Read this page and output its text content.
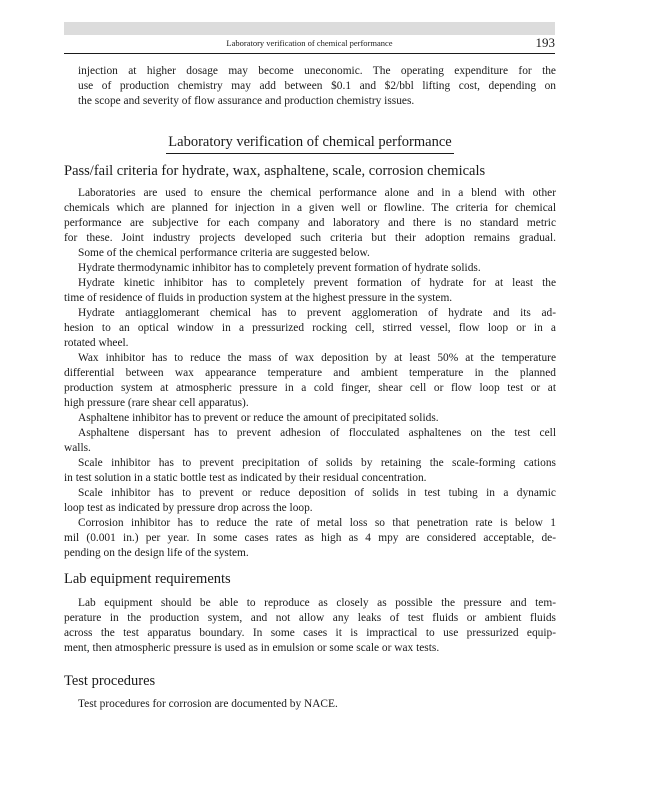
Laboratory verification of chemical performance	193

injection at higher dosage may become uneconomic. The operating expenditure for the
use of production chemistry may add between $0.1 and $2/bbl lifting cost, depending on
the scope and severity of flow assurance and production chemistry issues.

Laboratory verification of chemical performance
Pass/fail criteria for hydrate, wax, asphaltene, scale, corrosion chemicals

Laboratories are used to ensure the chemical performance alone and in a blend with other
chemicals which are planned for injection in a given well or flowline. The criteria for chemical
performance are subjective for each company and laboratory and there is no standard metric
for these. Joint industry projects developed such criteria but their adoption remains gradual.

Some of the chemical performance criteria are suggested below.

Hydrate thermodynamic inhibitor has to completely prevent formation of hydrate solids.

Hydrate kinetic inhibitor has to completely prevent formation of hydrate for at least the
time of residence of fluids in production system at the highest pressure in the system.

Hydrate antiagglomerant chemical has to prevent agglomeration of hydrate and its ad-
hesion to an optical window in a pressurized rocking cell, stirred vessel, flow loop or in a
rotated wheel.

Wax inhibitor has to reduce the mass of wax deposition by at least 50% at the temperature
differential between wax appearance temperature and ambient temperature in the planned
production system at atmospheric pressure in a cold finger, shear cell or flow loop test or at
high pressure (rare shear cell apparatus).

Asphaltene inhibitor has to prevent or reduce the amount of precipitated solids.

Asphaltene dispersant has to prevent adhesion of flocculated asphaltenes on the test cell
walls.

Scale inhibitor has to prevent precipitation of solids by retaining the scale-forming cations
in test solution in a static bottle test as indicated by their residual concentration.

Scale inhibitor has to prevent or reduce deposition of solids in test tubing in a dynamic
loop test as indicated by pressure drop across the loop.

Corrosion inhibitor has to reduce the rate of metal loss so that penetration rate is below 1
mil (0.001 in.) per year. In some cases rates as high as 4 mpy are considered acceptable, de-
pending on the design life of the system.

Lab equipment requirements

Lab equipment should be able to reproduce as closely as possible the pressure and tem-
perature in the production system, and not allow any leaks of test fluids or ambient fluids
across the test apparatus boundary. In some cases it is impractical to use pressurized equip-
ment, then atmospheric pressure is used as in emulsion or some scale or wax tests.

Test procedures

Test procedures for corrosion are documented by NACE.
